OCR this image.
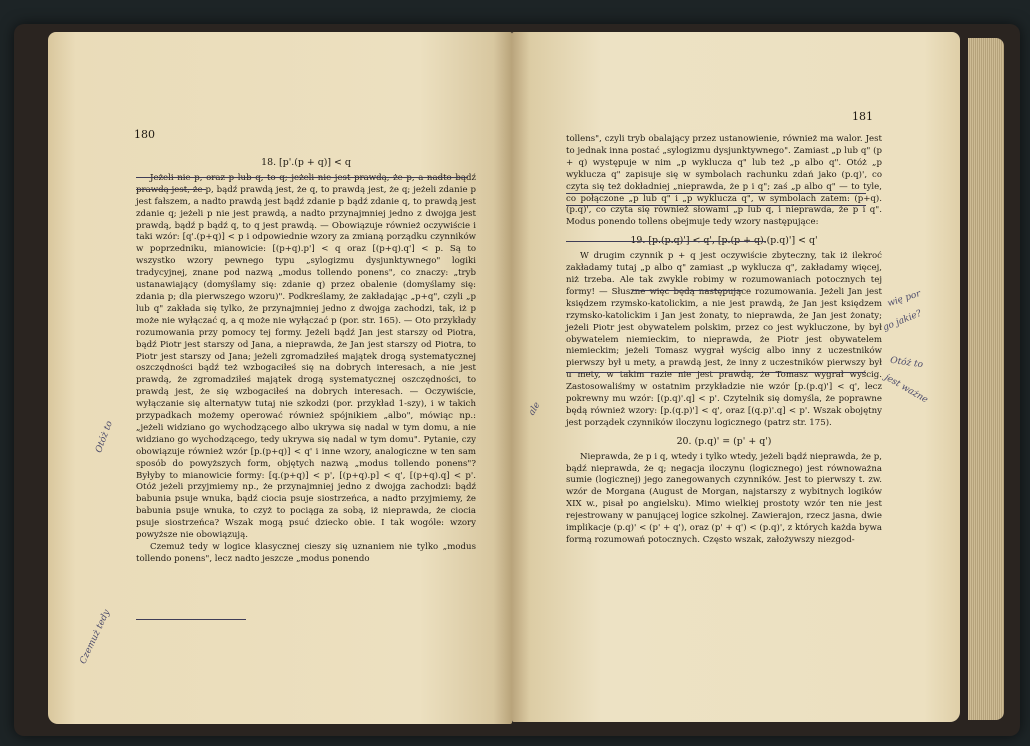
180

18. [p'.(p + q)] < q

Jeżeli nie p, oraz p lub q, to q; jeżeli nie jest prawdą, że p, a nadto bądź prawdą jest, że p, bądź prawdą jest, że q, to prawdą jest, że q; jeżeli zdanie p jest fałszem, a nadto prawdą jest bądź zdanie p bądź zdanie q, to prawdą jest zdanie q; jeżeli p nie jest prawdą, a nadto przynajmniej jedno z dwojga jest prawdą, bądź p bądź q, to q jest prawdą. — Obowiązuje również oczywiście i taki wzór: [q'.(p+q)] < p i odpowiednie wzory za zmianą porządku czynników w poprzedniku, mianowicie: [(p+q).p'] < q oraz [(p+q).q'] < p. Są to wszystko wzory pewnego typu „sylogizmu dysjunktywnego" logiki tradycyjnej, znane pod nazwą „modus tollendo ponens", co znaczy: „tryb ustanawiający (domyślamy się: zdanie q) przez obalenie (domyślamy się: zdania p; dla pierwszego wzoru)". Podkreślamy, że zakładając „p+q", czyli „p lub q" zakłada się tylko, że przynajmniej jedno z dwojga zachodzi, tak, iż p może nie wyłączać q, a q może nie wyłączać p (por. str. 165). — Oto przykłady rozumowania przy pomocy tej formy. Jeżeli bądź Jan jest starszy od Piotra, bądź Piotr jest starszy od Jana, a nieprawda, że Jan jest starszy od Piotra, to Piotr jest starszy od Jana; jeżeli zgromadziłeś majątek drogą systematycznej oszczędności bądź też wzbogaciłeś się na dobrych interesach, a nie jest prawdą, że zgromadziłeś majątek drogą systematycznej oszczędności, to prawdą jest, że się wzbogaciłeś na dobrych interesach. — Oczywiście, wyłączanie się alternatyw tutaj nie szkodzi (por. przykład 1-szy), i w takich przypadkach możemy operować również spójnikiem „albo", mówiąc np.: „jeżeli widziano go wychodzącego albo ukrywa się nadal w tym domu, a nie widziano go wychodzącego, tedy ukrywa się nadal w tym domu". Pytanie, czy obowiązuje również wzór [p.(p+q)] < q' i inne wzory, analogiczne w ten sam sposób do powyższych form, objętych nazwą „modus tollendo ponens"? Byłyby to mianowicie formy: [q.(p+q)] < p', [(p+q).p] < q', [(p+q).q] < p'. Otóż jeżeli przyjmiemy np., że przynajmniej jedno z dwojga zachodzi: bądź babunia psuje wnuka, bądź ciocia psuje siostrzeńca, a nadto przyjmiemy, że babunia psuje wnuka, to czyż to pociąga za sobą, iż nieprawda, że ciocia psuje siostrzeńca? Wszak mogą psuć dziecko obie. I tak wogóle: wzory powyższe nie obowiązują.

Czemuż tedy w logice klasycznej cieszy się uznaniem nie tylko „modus tollendo ponens", lecz nadto jeszcze „modus ponendo

Otóż to
Czemuż tedy
181

tollens", czyli tryb obalający przez ustanowienie, również ma walor. Jest to jednak inna postać „sylogizmu dysjunktywnego". Zamiast „p lub q" (p + q) występuje w nim „p wyklucza q" lub też „p albo q". Otóż „p wyklucza q" zapisuje się w symbolach rachunku zdań jako (p.q)', co czyta się też dokładniej „nieprawda, że p i q"; zaś „p albo q" — to tyle, co połączone „p lub q" i „p wyklucza q", w symbolach zatem: (p+q).(p.q)', co czyta się również słowami „p lub q, i nieprawda, że p i q". Modus ponendo tollens obejmuje tedy wzory następujące:

19. [p.(p.q)'] < q', [p.(p + q).(p.q)'] < q'

W drugim czynnik p + q jest oczywiście zbyteczny, tak iż ilekroć zakładamy tutaj „p albo q" zamiast „p wyklucza q", zakładamy więcej, niż trzeba. Ale tak zwykle robimy w rozumowaniach potocznych tej formy! — Słuszne więc będą następujące rozumowania. Jeżeli Jan jest księdzem rzymsko-katolickim, a nie jest prawdą, że Jan jest księdzem rzymsko-katolickim i Jan jest żonaty, to nieprawda, że Jan jest żonaty; jeżeli Piotr jest obywatelem polskim, przez co jest wykluczone, by był obywatelem niemieckim, to nieprawda, że Piotr jest obywatelem niemieckim; jeżeli Tomasz wygrał wyścig albo inny z uczestników pierwszy był u mety, a prawdą jest, że inny z uczestników pierwszy był u mety, w takim razie nie jest prawdą, że Tomasz wygrał wyścig. Zastosowaliśmy w ostatnim przykładzie nie wzór [p.(p.q)'] < q', lecz pokrewny mu wzór: [(p.q)'.q] < p'. Czytelnik się domyśla, że poprawne będą również wzory: [p.(q.p)'] < q', oraz [(q.p)'.q] < p'. Wszak obojętny jest porządek czynników iloczynu logicznego (patrz str. 175).

20. (p.q)' = (p' + q')

Nieprawda, że p i q, wtedy i tylko wtedy, jeżeli bądź nieprawda, że p, bądź nieprawda, że q; negacja iloczynu (logicznego) jest równoważna sumie (logicznej) jego zanegowanych czynników. Jest to pierwszy t. zw. wzór de Morgana (August de Morgan, najstarszy z wybitnych logików XIX w., pisał po angielsku). Mimo wielkiej prostoty wzór ten nie jest rejestrowany w panującej logice szkolnej. Zawierajon, rzecz jasna, dwie implikacje (p.q)' < (p' + q'), oraz (p' + q') < (p.q)', z których każda bywa formą rozumowań potocznych. Często wszak, założywszy niezgod-

wię por
go jakie?
Otóż to
jest ważne
ale
